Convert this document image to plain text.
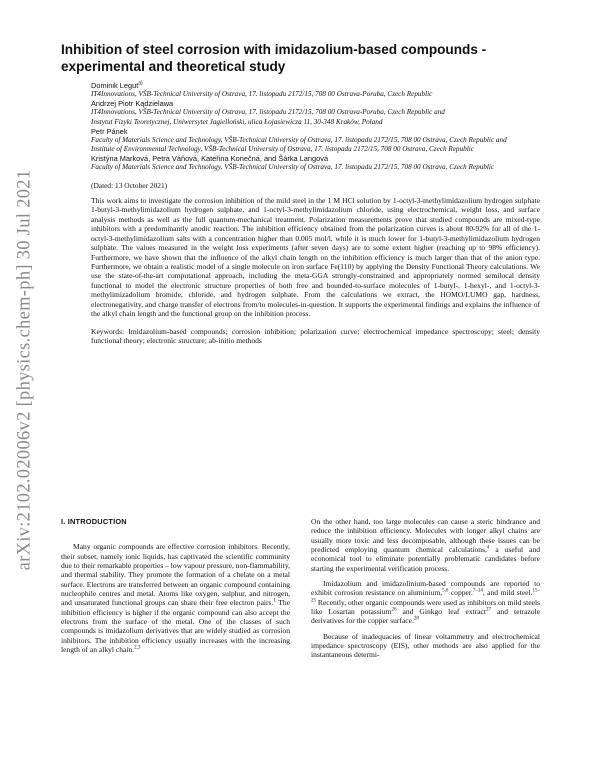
arXiv:2102.02006v2 [physics.chem-ph] 30 Jul 2021
Inhibition of steel corrosion with imidazolium-based compounds - experimental and theoretical study
Dominik Legut$^{a)}$
IT4Innovations, VŠB-Technical University of Ostrava, 17. listopadu 2172/15, 708 00 Ostrava-Poruba, Czech Republic
Andrzej Piotr Kądzielawa
IT4Innovations, VŠB-Technical University of Ostrava, 17. listopadu 2172/15, 708 00 Ostrava-Poruba, Czech Republic and
Instytut Fizyki Teoretycznej, Uniwersytet Jagielloński, ulica Łojasiewicza 11, 30-348 Kraków, Poland
Petr Pánek
Faculty of Materials Science and Technology, VŠB-Technical University of Ostrava, 17. listopadu 2172/15, 708 00 Ostrava, Czech Republic and
Institute of Environmental Technology, VŠB-Technical University of Ostrava, 17. listopadu 2172/15, 708 00 Ostrava, Czech Republic
Kristýna Marková, Petra Váňová, Kateřina Konečná, and Šárka Langová
Faculty of Materials Science and Technology, VŠB-Technical University of Ostrava, 17. listopadu 2172/15, 708 00 Ostrava, Czech Republic
(Dated: 13 October 2021)
This work aims to investigate the corrosion inhibition of the mild steel in the 1 M HCl solution by 1-octyl-3-methylimidazolium hydrogen sulphate 1-butyl-3-methylimidazolium hydrogen sulphate, and 1-octyl-3-methylimidazolium chloride, using electrochemical, weight loss, and surface analysis methods as well as the full quantum-mechanical treatment. Polarization measurements prove that studied compounds are mixed-type inhibitors with a predominantly anodic reaction. The inhibition efficiency obtained from the polarization curves is about 80-92% for all of the 1-octyl-3-methylimidazolium salts with a concentration higher than 0.005 mol/l, while it is much lower for 1-butyl-3-methylimidazolium hydrogen sulphate. The values measured in the weight loss experiments (after seven days) are to some extent higher (reaching up to 98% efficiency). Furthermore, we have shown that the influence of the alkyl chain length on the inhibition efficiency is much larger than that of the anion type. Furthermore, we obtain a realistic model of a single molecule on iron surface Fe(110) by applying the Density Functional Theory calculations. We use the state-of-the-art computational approach, including the meta-GGA strongly-constrained and appropriately normed semilocal density functional to model the electronic structure properties of both free and bounded-to-surface molecules of 1-butyl-, 1-hexyl-, and 1-octyl-3-methylimizadolium bromide, chloride, and hydrogen sulphate. From the calculations we extract, the HOMO/LUMO gap, hardness, electronegativity, and charge transfer of electrons from/to molecules-in-question. It supports the experimental findings and explains the influence of the alkyl chain length and the functional group on the inhibition process.
Keywords: Imidazolium-based compounds; corrosion inhibition; polarization curve; electrochemical impedance spectroscopy; steel; density functional theory; electronic structure; ab-initio methods
I. INTRODUCTION

Many organic compounds are effective corrosion inhibitors. Recently, their subset, namely ionic liquids, has captivated the scientific community due to their remarkable properties – low vapour pressure, non-flammability, and thermal stability. They promote the formation of a chelate on a metal surface. Electrons are transferred between an organic compound containing nucleophile centres and metal. Atoms like oxygen, sulphur, and nitrogen, and unsaturated functional groups can share their free electron pairs.$^1$ The inhibition efficiency is higher if the organic compound can also accept the electrons from the surface of the metal. One of the classes of such compounds is imidazolium derivatives that are widely studied as corrosion inhibitors. The inhibition efficiency usually increases with the increasing length of an alkyl chain.$^{2,3}$

On the other hand, too large molecules can cause a steric hindrance and reduce the inhibition efficiency. Molecules with longer alkyl chains are usually more toxic and less decomposable, although these issues can be predicted employing quantum chemical calculations,$^4$ a useful and economical tool to eliminate potentially problematic candidates before starting the experimental verification process.

Imidazolium and imidazolinium-based compounds are reported to exhibit corrosion resistance on aluminium,$^{5,6}$ copper.$^{7-14}$, and mild steel.$^{15-25}$ Recently, other organic compounds were used as inhibitors on mild steels like Losartan potassium$^{26}$ and Ginkgo leaf extract$^{27}$ and tetrazole derivatives for the copper surface.$^{28}$

Because of inadequacies of linear voltammetry and electrochemical impedance spectroscopy (EIS), other methods are also applied for the instantaneous determi-
